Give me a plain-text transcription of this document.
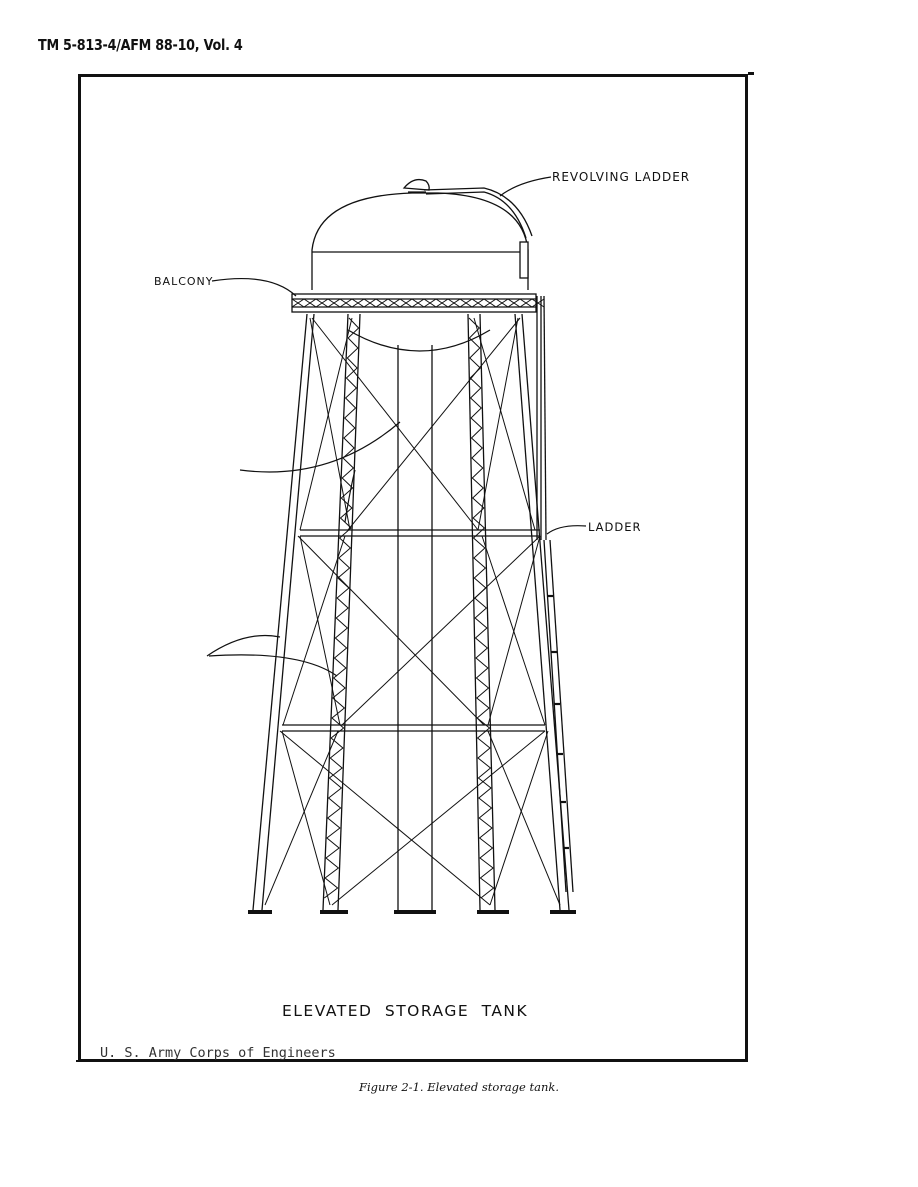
TM 5-813-4/AFM 88-10, Vol. 4
REVOLVING LADDER
BALCONY
LADDER
ELEVATED STORAGE TANK
U. S. Army Corps of Engineers
Figure 2-1. Elevated storage tank.
